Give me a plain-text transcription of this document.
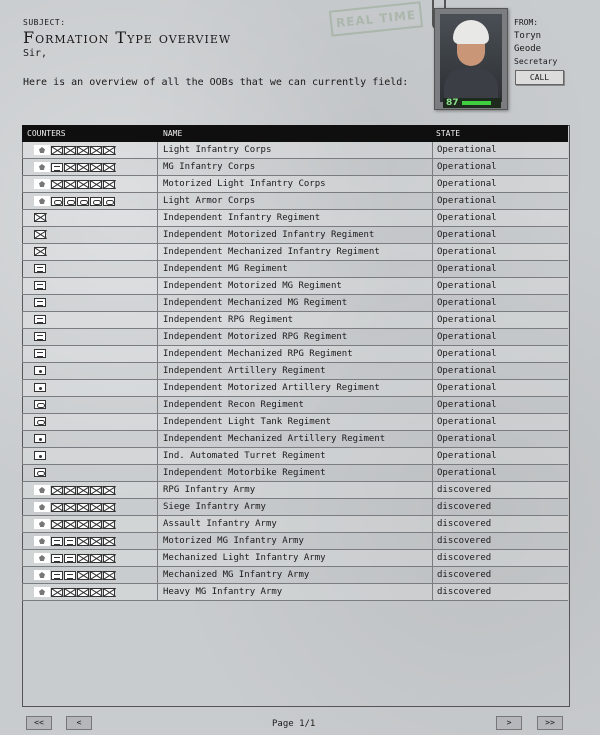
REAL TIME
SUBJECT:
Formation Type overview
Sir,
Here is an overview of all the OOBs that we can currently field:
87
FROM:
Toryn
Geode
Secretary
CALL
COUNTERS	NAME	STATE
Light Infantry Corps	Operational
MG Infantry Corps	Operational
Motorized Light Infantry Corps	Operational
Light Armor Corps	Operational
Independent Infantry Regiment	Operational
Independent Motorized Infantry Regiment	Operational
Independent Mechanized Infantry Regiment	Operational
Independent MG Regiment	Operational
Independent Motorized MG Regiment	Operational
Independent Mechanized MG Regiment	Operational
Independent RPG Regiment	Operational
Independent Motorized RPG Regiment	Operational
Independent Mechanized RPG Regiment	Operational
Independent Artillery Regiment	Operational
Independent Motorized Artillery Regiment	Operational
Independent Recon Regiment	Operational
Independent Light Tank Regiment	Operational
Independent Mechanized Artillery Regiment	Operational
Ind. Automated Turret Regiment	Operational
Independent Motorbike Regiment	Operational
RPG Infantry Army	discovered
Siege Infantry Army	discovered
Assault Infantry Army	discovered
Motorized MG Infantry Army	discovered
Mechanized Light Infantry Army	discovered
Mechanized MG Infantry Army	discovered
Heavy MG Infantry Army	discovered
<<	<	Page 1/1	>	>>
